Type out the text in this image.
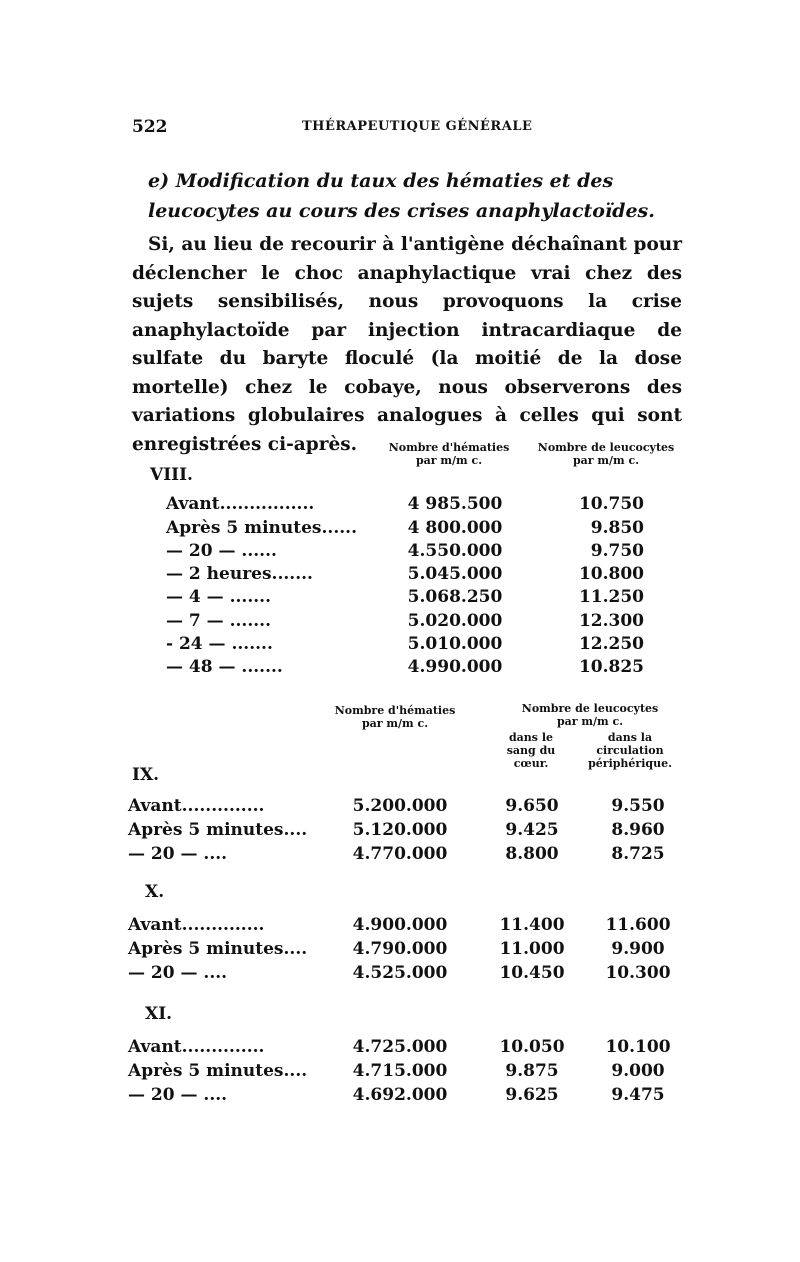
522	THÉRAPEUTIQUE GÉNÉRALE
e) Modification du taux des hématies et des leucocytes au cours des crises anaphylactoïdes.
Si, au lieu de recourir à l'antigène déchaînant pour déclencher le choc anaphylactique vrai chez des sujets sensibilisés, nous provoquons la crise anaphylactoïde par injection intracardiaque de sulfate du baryte floculé (la moitié de la dose mortelle) chez le cobaye, nous observerons des variations globulaires analogues à celles qui sont enregistrées ci-après.	Nombre d'hématies
par m/m c.
Nombre de leucocytes
par m/m c.
VIII.
Avant................	4 985.500	10.750
Après 5 minutes......	4 800.000	9.850
— 20 — ......	4.550.000	9.750
— 2 heures.......	5.045.000	10.800
— 4 — .......	5.068.250	11.250
— 7 — .......	5.020.000	12.300
- 24 — .......	5.010.000	12.250
— 48 — .......	4.990.000	10.825
Nombre d'hématies
par m/m c.
Nombre de leucocytes
par m/m c.
dans le
sang du
cœur.
dans la
circulation
périphérique.
IX.
Avant..............	5.200.000	9.650	9.550
Après 5 minutes....	5.120.000	9.425	8.960
— 20 — ....	4.770.000	8.800	8.725
X.
Avant..............	4.900.000	11.400	11.600
Après 5 minutes....	4.790.000	11.000	9.900
— 20 — ....	4.525.000	10.450	10.300
XI.
Avant..............	4.725.000	10.050	10.100
Après 5 minutes....	4.715.000	9.875	9.000
— 20 — ....	4.692.000	9.625	9.475
